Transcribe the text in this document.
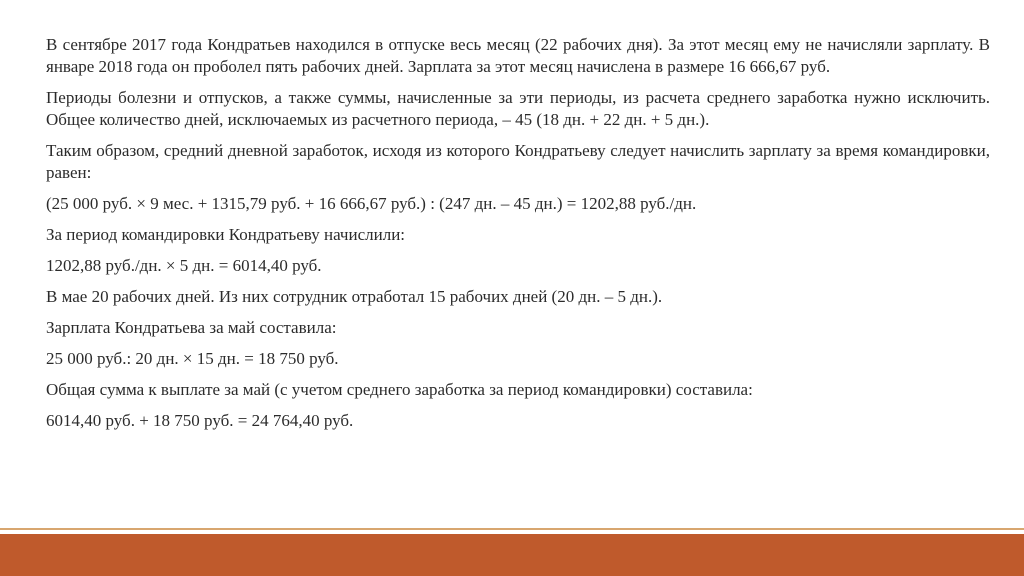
В сентябре 2017 года Кондратьев находился в отпуске весь месяц (22 рабочих дня). За этот месяц ему не начисляли зарплату. В январе 2018 года он проболел пять рабочих дней. Зарплата за этот месяц начислена в размере 16 666,67 руб.

Периоды болезни и отпусков, а также суммы, начисленные за эти периоды, из расчета среднего заработка нужно исключить. Общее количество дней, исключаемых из расчетного периода, – 45 (18 дн. + 22 дн. + 5 дн.).

Таким образом, средний дневной заработок, исходя из которого Кондратьеву следует начислить зарплату за время командировки, равен:

(25 000 руб. × 9 мес. + 1315,79 руб. + 16 666,67 руб.) : (247 дн. – 45 дн.) = 1202,88 руб./дн.

За период командировки Кондратьеву начислили:

1202,88 руб./дн. × 5 дн. = 6014,40 руб.

В мае 20 рабочих дней. Из них сотрудник отработал 15 рабочих дней (20 дн. – 5 дн.).

Зарплата Кондратьева за май составила:

25 000 руб.: 20 дн. × 15 дн. = 18 750 руб.

Общая сумма к выплате за май (с учетом среднего заработка за период командировки) составила:

6014,40 руб. + 18 750 руб. = 24 764,40 руб.
